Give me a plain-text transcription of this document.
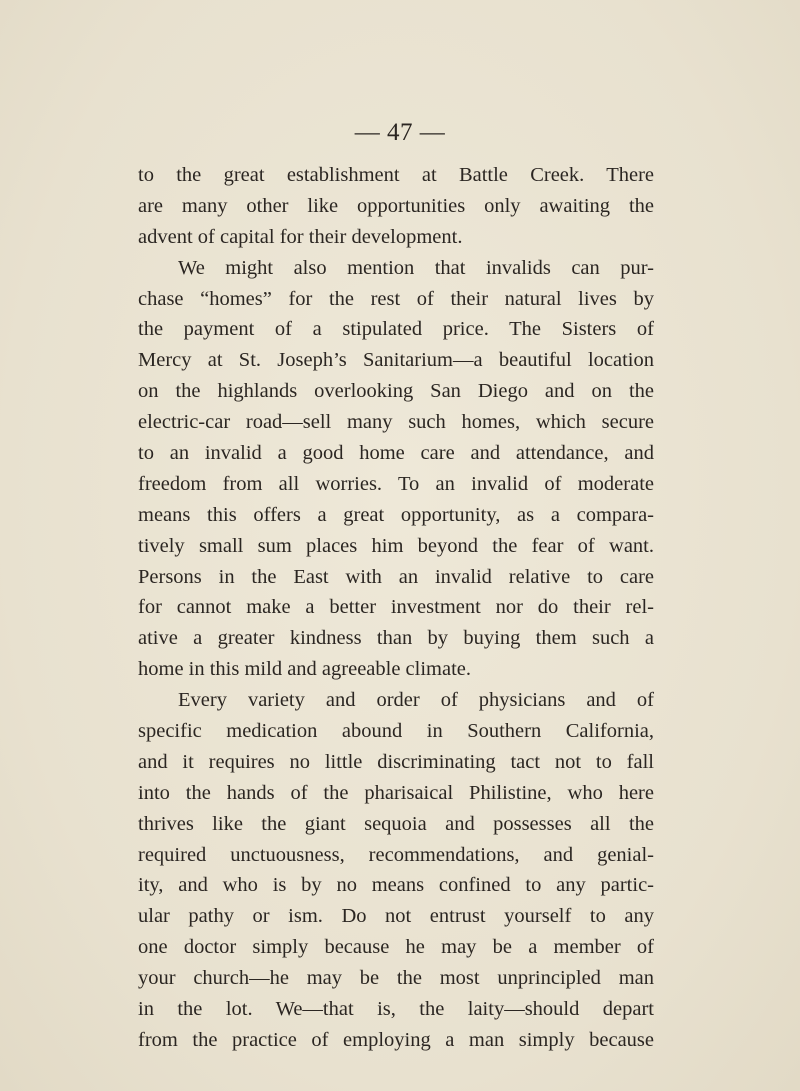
— 47 —
to the great establishment at Battle Creek. There
are many other like opportunities only awaiting the
advent of capital for their development.
We might also mention that invalids can pur-
chase “homes” for the rest of their natural lives by
the payment of a stipulated price. The Sisters of
Mercy at St. Joseph’s Sanitarium—a beautiful location
on the highlands overlooking San Diego and on the
electric-car road—sell many such homes, which secure
to an invalid a good home care and attendance, and
freedom from all worries. To an invalid of moderate
means this offers a great opportunity, as a compara-
tively small sum places him beyond the fear of want.
Persons in the East with an invalid relative to care
for cannot make a better investment nor do their rel-
ative a greater kindness than by buying them such a
home in this mild and agreeable climate.
Every variety and order of physicians and of
specific medication abound in Southern California,
and it requires no little discriminating tact not to fall
into the hands of the pharisaical Philistine, who here
thrives like the giant sequoia and possesses all the
required unctuousness, recommendations, and genial-
ity, and who is by no means confined to any partic-
ular pathy or ism. Do not entrust yourself to any
one doctor simply because he may be a member of
your church—he may be the most unprincipled man
in the lot. We—that is, the laity—should depart
from the practice of employing a man simply because
